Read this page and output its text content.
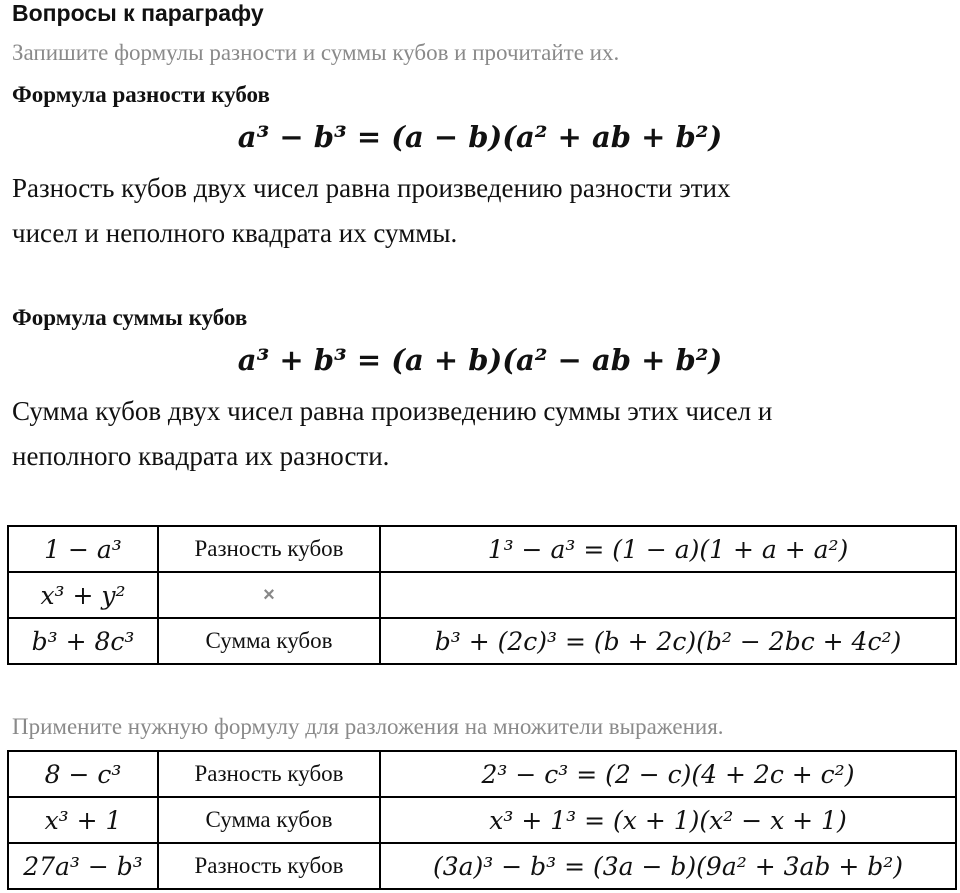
Вопросы к параграфу
Запишите формулы разности и суммы кубов и прочитайте их.
Формула разности кубов
a³ − b³ = (a − b)(a² + ab + b²)
Разность кубов двух чисел равна произведению разности этих
чисел и неполного квадрата их суммы.
Формула суммы кубов
a³ + b³ = (a + b)(a² − ab + b²)
Сумма кубов двух чисел равна произведению суммы этих чисел и
неполного квадрата их разности.
1 − a³	Разность кубов	1³ − a³ = (1 − a)(1 + a + a²)
x³ + y²	×	
b³ + 8c³	Сумма кубов	b³ + (2c)³ = (b + 2c)(b² − 2bc + 4c²)
Примените нужную формулу для разложения на множители выражения.
8 − c³	Разность кубов	2³ − c³ = (2 − c)(4 + 2c + c²)
x³ + 1	Сумма кубов	x³ + 1³ = (x + 1)(x² − x + 1)
27a³ − b³	Разность кубов	(3a)³ − b³ = (3a − b)(9a² + 3ab + b²)
